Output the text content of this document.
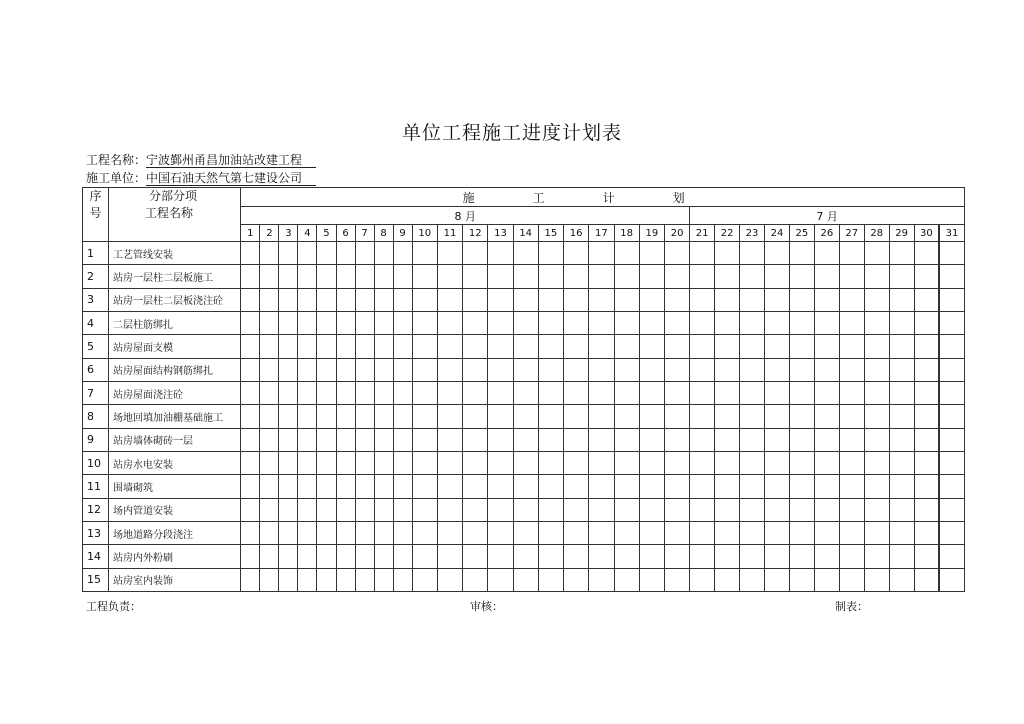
单位工程施工进度计划表
工程名称：宁波鄞州甬昌加油站改建工程
施工单位：中国石油天然气第七建设公司
序
号	分部分项
工程名称	施工计划																														
		8 月																				7 月										
		1	2	3	4	5	6	7	8	9	10	11	12	13	14	15	16	17	18	19	20	21	22	23	24	25	26	27	28	29	30	31
1	工艺管线安装																															
2	站房一层柱二层板施工																															
3	站房一层柱二层板浇注砼																															
4	二层柱筋绑扎																															
5	站房屋面支模																															
6	站房屋面结构钢筋绑扎																															
7	站房屋面浇注砼																															
8	场地回填加油棚基础施工																															
9	站房墙体砌砖一层																															
10	站房水电安装																															
11	围墙砌筑																															
12	场内管道安装																															
13	场地道路分段浇注																															
14	站房内外粉刷																															
15	站房室内装饰																															
工程负责：	审核：	制表：
